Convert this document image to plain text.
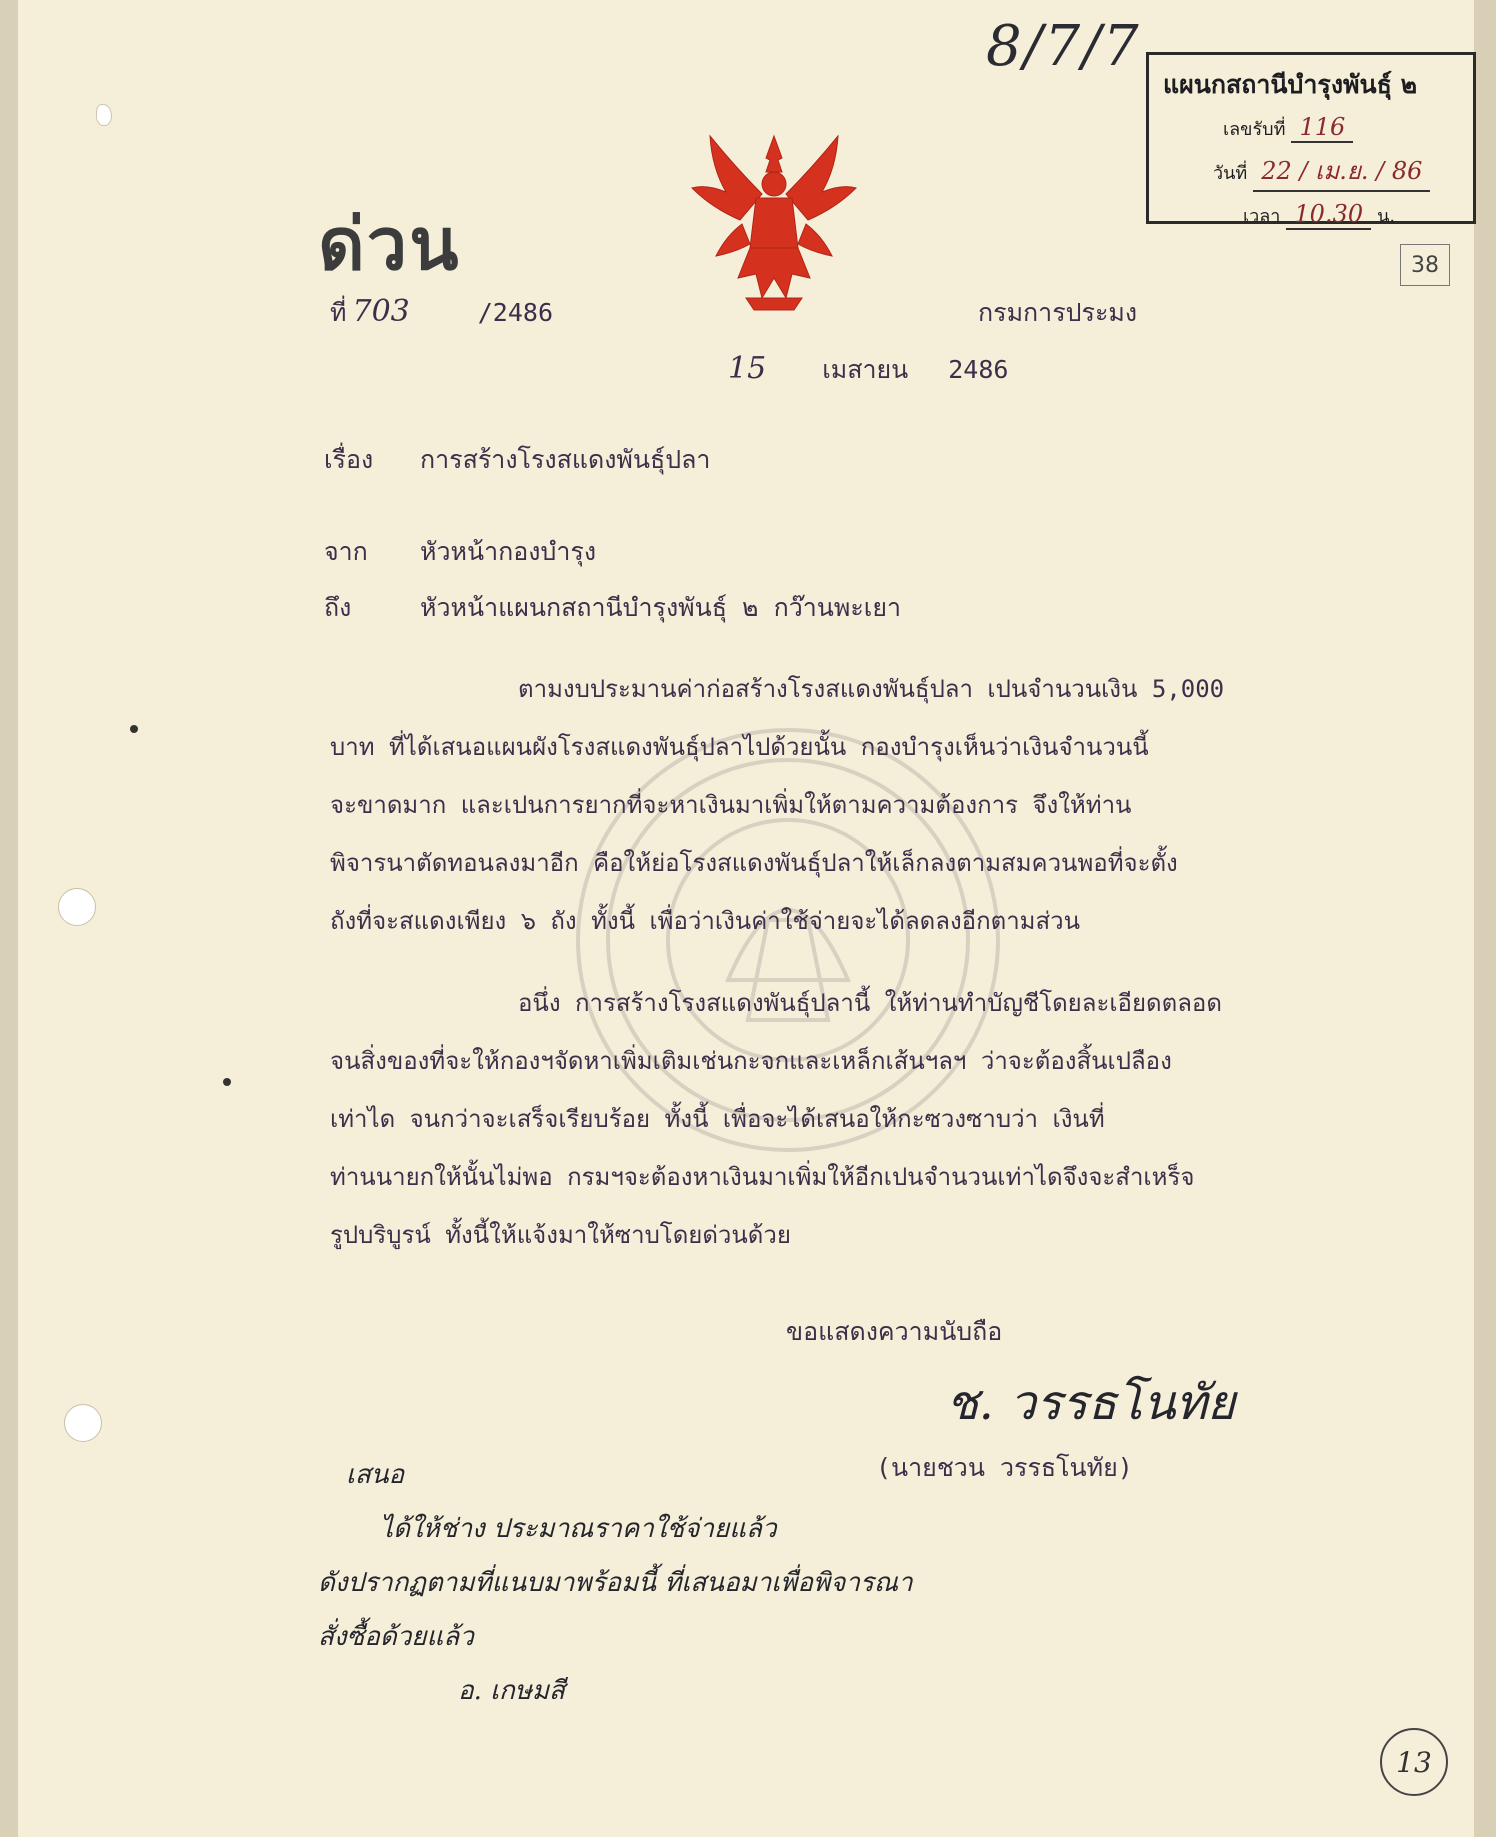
8/7/7
แผนกสถานีบำรุงพันธุ์ ๒
เลขรับที่ 116
วันที่ 22 / เม.ย. / 86
เวลา 10.30 น.
38
13
ด่วน
ที่ 703	/2486	กรมการประมง
15 เมสายน 2486
เรื่อง การสร้างโรงสแดงพันธุ์ปลา
จาก หัวหน้ากองบำรุง
ถึง	หัวหน้าแผนกสถานีบำรุงพันธุ์ ๒ กว๊านพะเยา
ตามงบประมานค่าก่อสร้างโรงสแดงพันธุ์ปลา เปนจำนวนเงิน 5,000
บาท ที่ได้เสนอแผนผังโรงสแดงพันธุ์ปลาไปด้วยนั้น กองบำรุงเห็นว่าเงินจำนวนนี้
จะขาดมาก และเปนการยากที่จะหาเงินมาเพิ่มให้ตามความต้องการ จึงให้ท่าน
พิจารนาตัดทอนลงมาอีก คือให้ย่อโรงสแดงพันธุ์ปลาให้เล็กลงตามสมควนพอที่จะตั้ง
ถังที่จะสแดงเพียง ๖ ถัง ทั้งนี้ เพื่อว่าเงินค่าใช้จ่ายจะได้ลดลงอีกตามส่วน
อนึ่ง การสร้างโรงสแดงพันธุ์ปลานี้ ให้ท่านทำบัญชีโดยละเอียดตลอด
จนสิ่งของที่จะให้กองฯจัดหาเพิ่มเติมเช่นกะจกและเหล็กเส้นฯลฯ ว่าจะต้องสิ้นเปลือง
เท่าได จนกว่าจะเสร็จเรียบร้อย ทั้งนี้ เพื่อจะได้เสนอให้กะซวงซาบว่า เงินที่
ท่านนายกให้นั้นไม่พอ กรมฯจะต้องหาเงินมาเพิ่มให้อีกเปนจำนวนเท่าไดจึงจะสำเหร็จ
รูปบริบูรน์ ทั้งนี้ให้แจ้งมาให้ซาบโดยด่วนด้วย
ขอแสดงความนับถือ
ช. วรรธโนทัย
(นายชวน วรรธโนทัย)
เสนอ
ได้ให้ช่าง ประมาณราคาใช้จ่ายแล้ว
ดังปรากฏตามที่แนบมาพร้อมนี้ ที่เสนอมาเพื่อพิจารณา
สั่งซื้อด้วยแล้ว
อ. เกษมสี
